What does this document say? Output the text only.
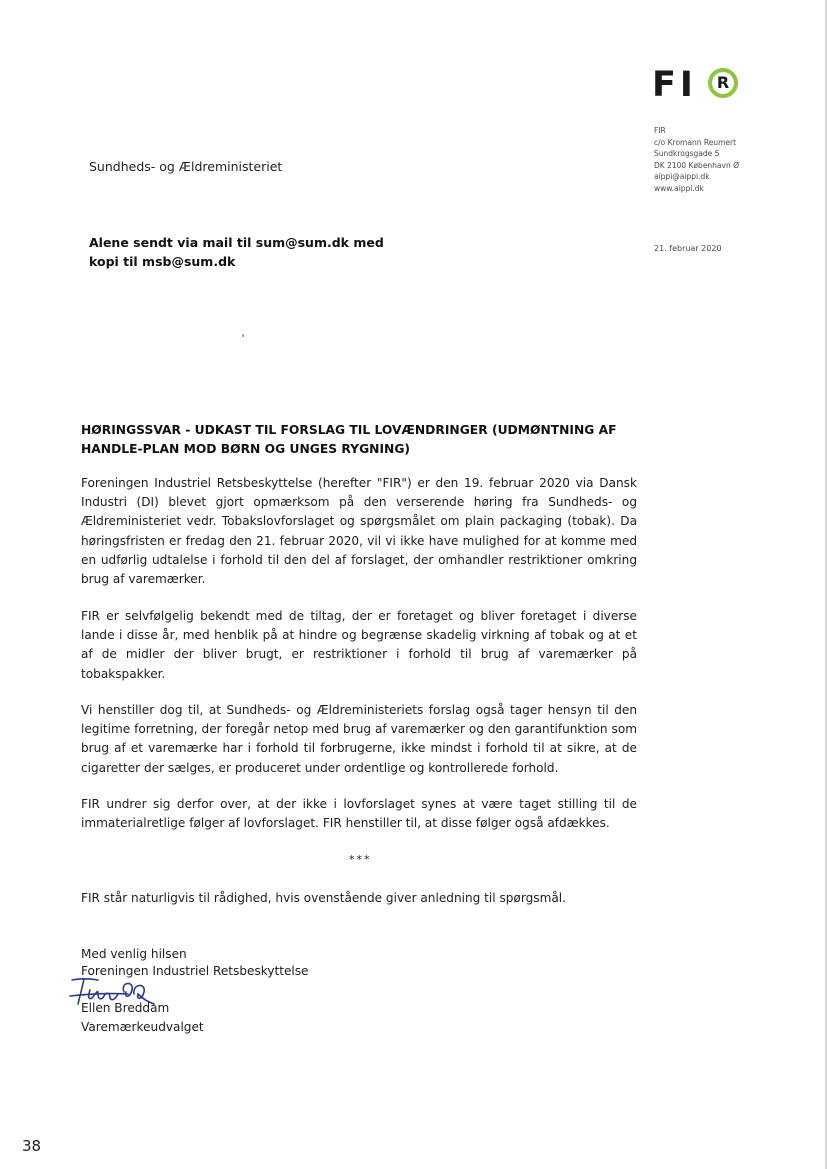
FI	R
FIR
c/o Kromann Reumert
Sundkrogsgade 5
DK 2100 København Ø
aippi@aippi.dk
www.aippi.dk
21. februar 2020
Sundheds- og Ældreministeriet
Alene sendt via mail til sum@sum.dk med
kopi til msb@sum.dk
HØRINGSSVAR - UDKAST TIL FORSLAG TIL LOVÆNDRINGER (UDMØNTNING AF HANDLE-PLAN MOD BØRN OG UNGES RYGNING)
Foreningen Industriel Retsbeskyttelse (herefter "FIR") er den 19. februar 2020 via Dansk Industri (DI) blevet gjort opmærksom på den verserende høring fra Sundheds- og Ældreministeriet vedr. Tobakslovforslaget og spørgsmålet om plain packaging (tobak). Da høringsfristen er fredag den 21. februar 2020, vil vi ikke have mulighed for at komme med en udførlig udtalelse i forhold til den del af forslaget, der omhandler restriktioner omkring brug af varemærker.
FIR er selvfølgelig bekendt med de tiltag, der er foretaget og bliver foretaget i diverse lande i disse år, med henblik på at hindre og begrænse skadelig virkning af tobak og at et af de midler der bliver brugt, er restriktioner i forhold til brug af varemærker på tobakspakker.
Vi henstiller dog til, at Sundheds- og Ældreministeriets forslag også tager hensyn til den legitime forretning, der foregår netop med brug af varemærker og den garantifunktion som brug af et varemærke har i forhold til forbrugerne, ikke mindst i forhold til at sikre, at de cigaretter der sælges, er produceret under ordentlige og kontrollerede forhold.
FIR undrer sig derfor over, at der ikke i lovforslaget synes at være taget stilling til de immaterialretlige følger af lovforslaget. FIR henstiller til, at disse følger også afdækkes.
***
FIR står naturligvis til rådighed, hvis ovenstående giver anledning til spørgsmål.
Med venlig hilsen
Foreningen Industriel Retsbeskyttelse
Ellen Breddam
Varemærkeudvalget
38
